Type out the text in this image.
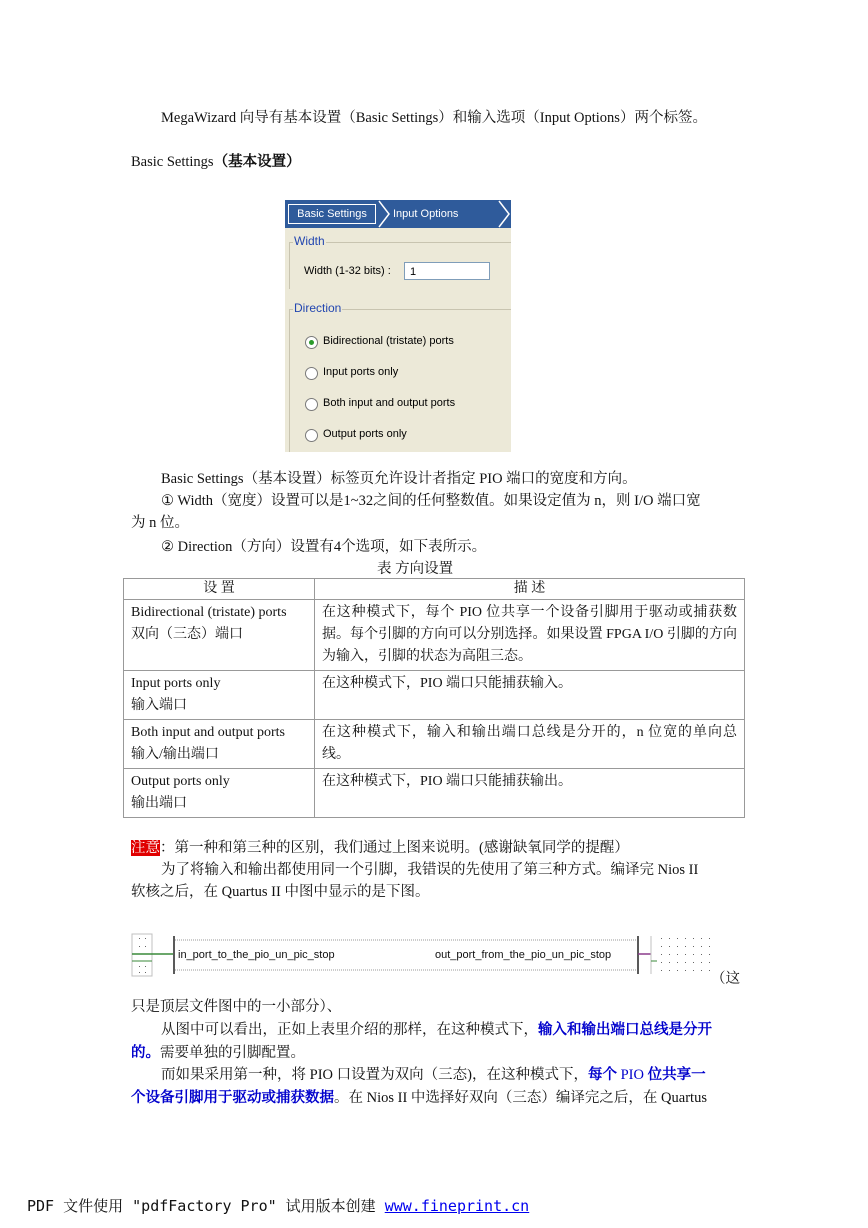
MegaWizard 向导有基本设置（Basic Settings）和输入选项（Input Options）两个标签。
Basic Settings（基本设置）
Basic Settings	Input Options
Width
Width (1-32 bits) :	1
Direction
Bidirectional (tristate) ports
Input ports only
Both input and output ports
Output ports only
Basic Settings（基本设置）标签页允许设计者指定 PIO 端口的宽度和方向。
① Width（宽度）设置可以是1~32之间的任何整数值。如果设定值为 n，则 I/O 端口宽
为 n 位。
② Direction（方向）设置有4个选项，如下表所示。
表 方向设置
设 置	描 述

Bidirectional (tristate) ports
双向（三态）端口	在这种模式下，每个 PIO 位共享一个设备引脚用于驱动或捕获数据。每个引脚的方向可以分别选择。如果设置 FPGA I/O 引脚的方向为输入，引脚的状态为高阻三态。

Input ports only
输入端口	在这种模式下，PIO 端口只能捕获输入。

Both input and output ports
输入/输出端口	在这种模式下，输入和输出端口总线是分开的，n 位宽的单向总线。

Output ports only
输出端口	在这种模式下，PIO 端口只能捕获输出。
注意：第一种和第三种的区别，我们通过上图来说明。(感谢缺氧同学的提醒）
为了将输入和输出都使用同一个引脚，我错误的先使用了第三种方式。编译完 Nios II
软核之后，在 Quartus II 中图中显示的是下图。
in_port_to_the_pio_un_pic_stop	out_port_from_the_pio_un_pic_stop
（这
只是顶层文件图中的一小部分）、
从图中可以看出，正如上表里介绍的那样，在这种模式下，输入和输出端口总线是分开
的。需要单独的引脚配置。
而如果采用第一种，将 PIO 口设置为双向（三态)，在这种模式下，每个 PIO 位共享一
个设备引脚用于驱动或捕获数据。在 Nios II 中选择好双向（三态）编译完之后，在 Quartus
PDF 文件使用 "pdfFactory Pro" 试用版本创建 www.fineprint.cn
